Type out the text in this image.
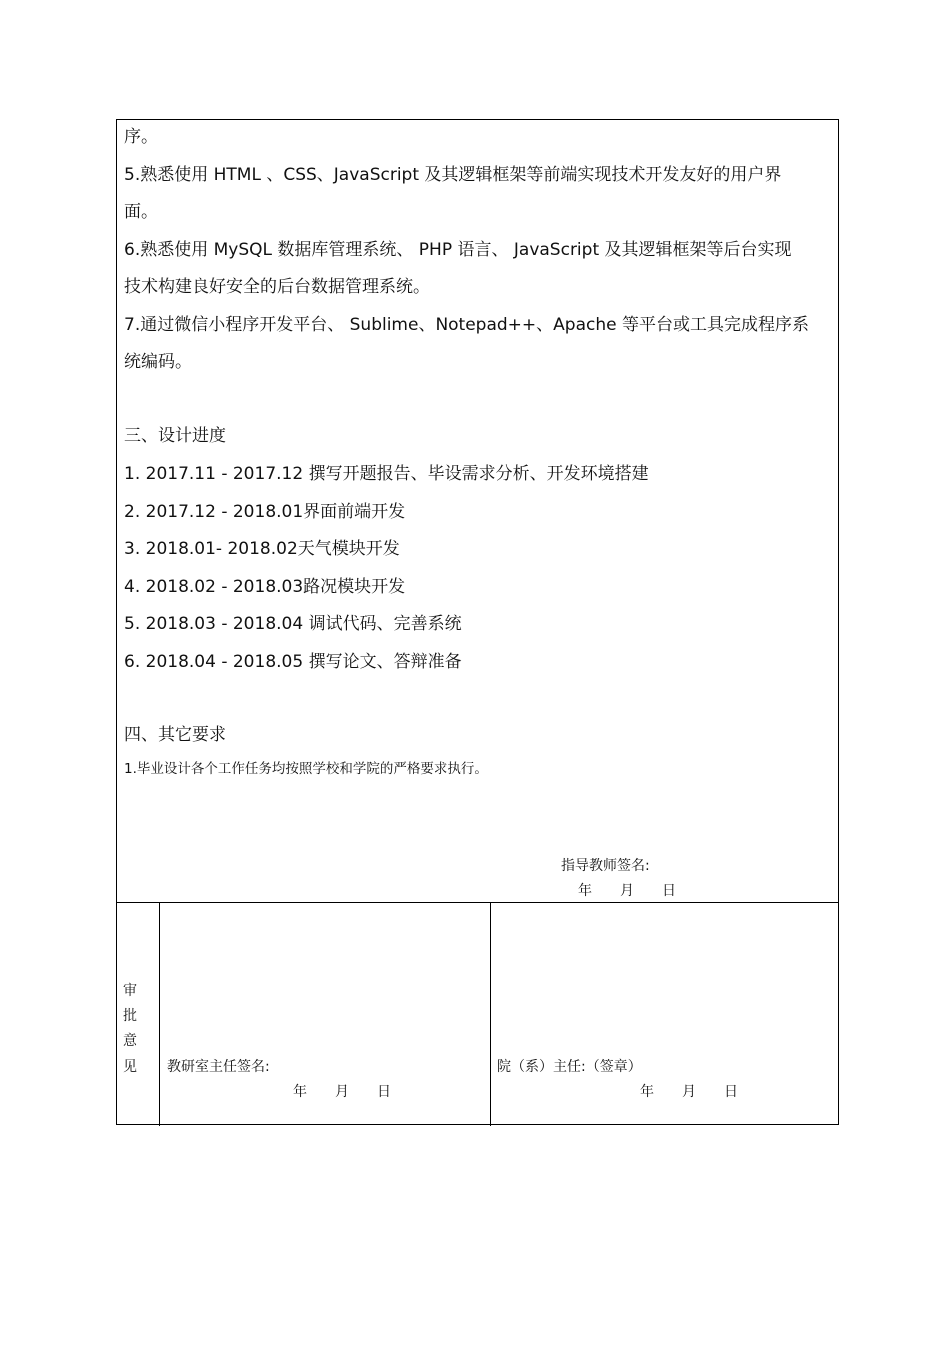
序。
5.熟悉使用 HTML 、CSS、JavaScript 及其逻辑框架等前端实现技术开发友好的用户界
面。
6.熟悉使用 MySQL 数据库管理系统、 PHP 语言、 JavaScript 及其逻辑框架等后台实现
技术构建良好安全的后台数据管理系统。
7.通过微信小程序开发平台、 Sublime、Notepad++、Apache 等平台或工具完成程序系
统编码。
三、设计进度
1. 2017.11 - 2017.12 撰写开题报告、毕设需求分析、开发环境搭建
2. 2017.12 - 2018.01界面前端开发
3. 2018.01- 2018.02天气模块开发
4. 2018.02 - 2018.03路况模块开发
5. 2018.03 - 2018.04 调试代码、完善系统
6. 2018.04 - 2018.05 撰写论文、答辩准备
四、其它要求
1.毕业设计各个工作任务均按照学校和学院的严格要求执行。
指导教师签名:
年　　月　　日
审
批
意
见 教研室主任签名:
年　　月　　日
院（系）主任:（签章）
年　　月　　日
